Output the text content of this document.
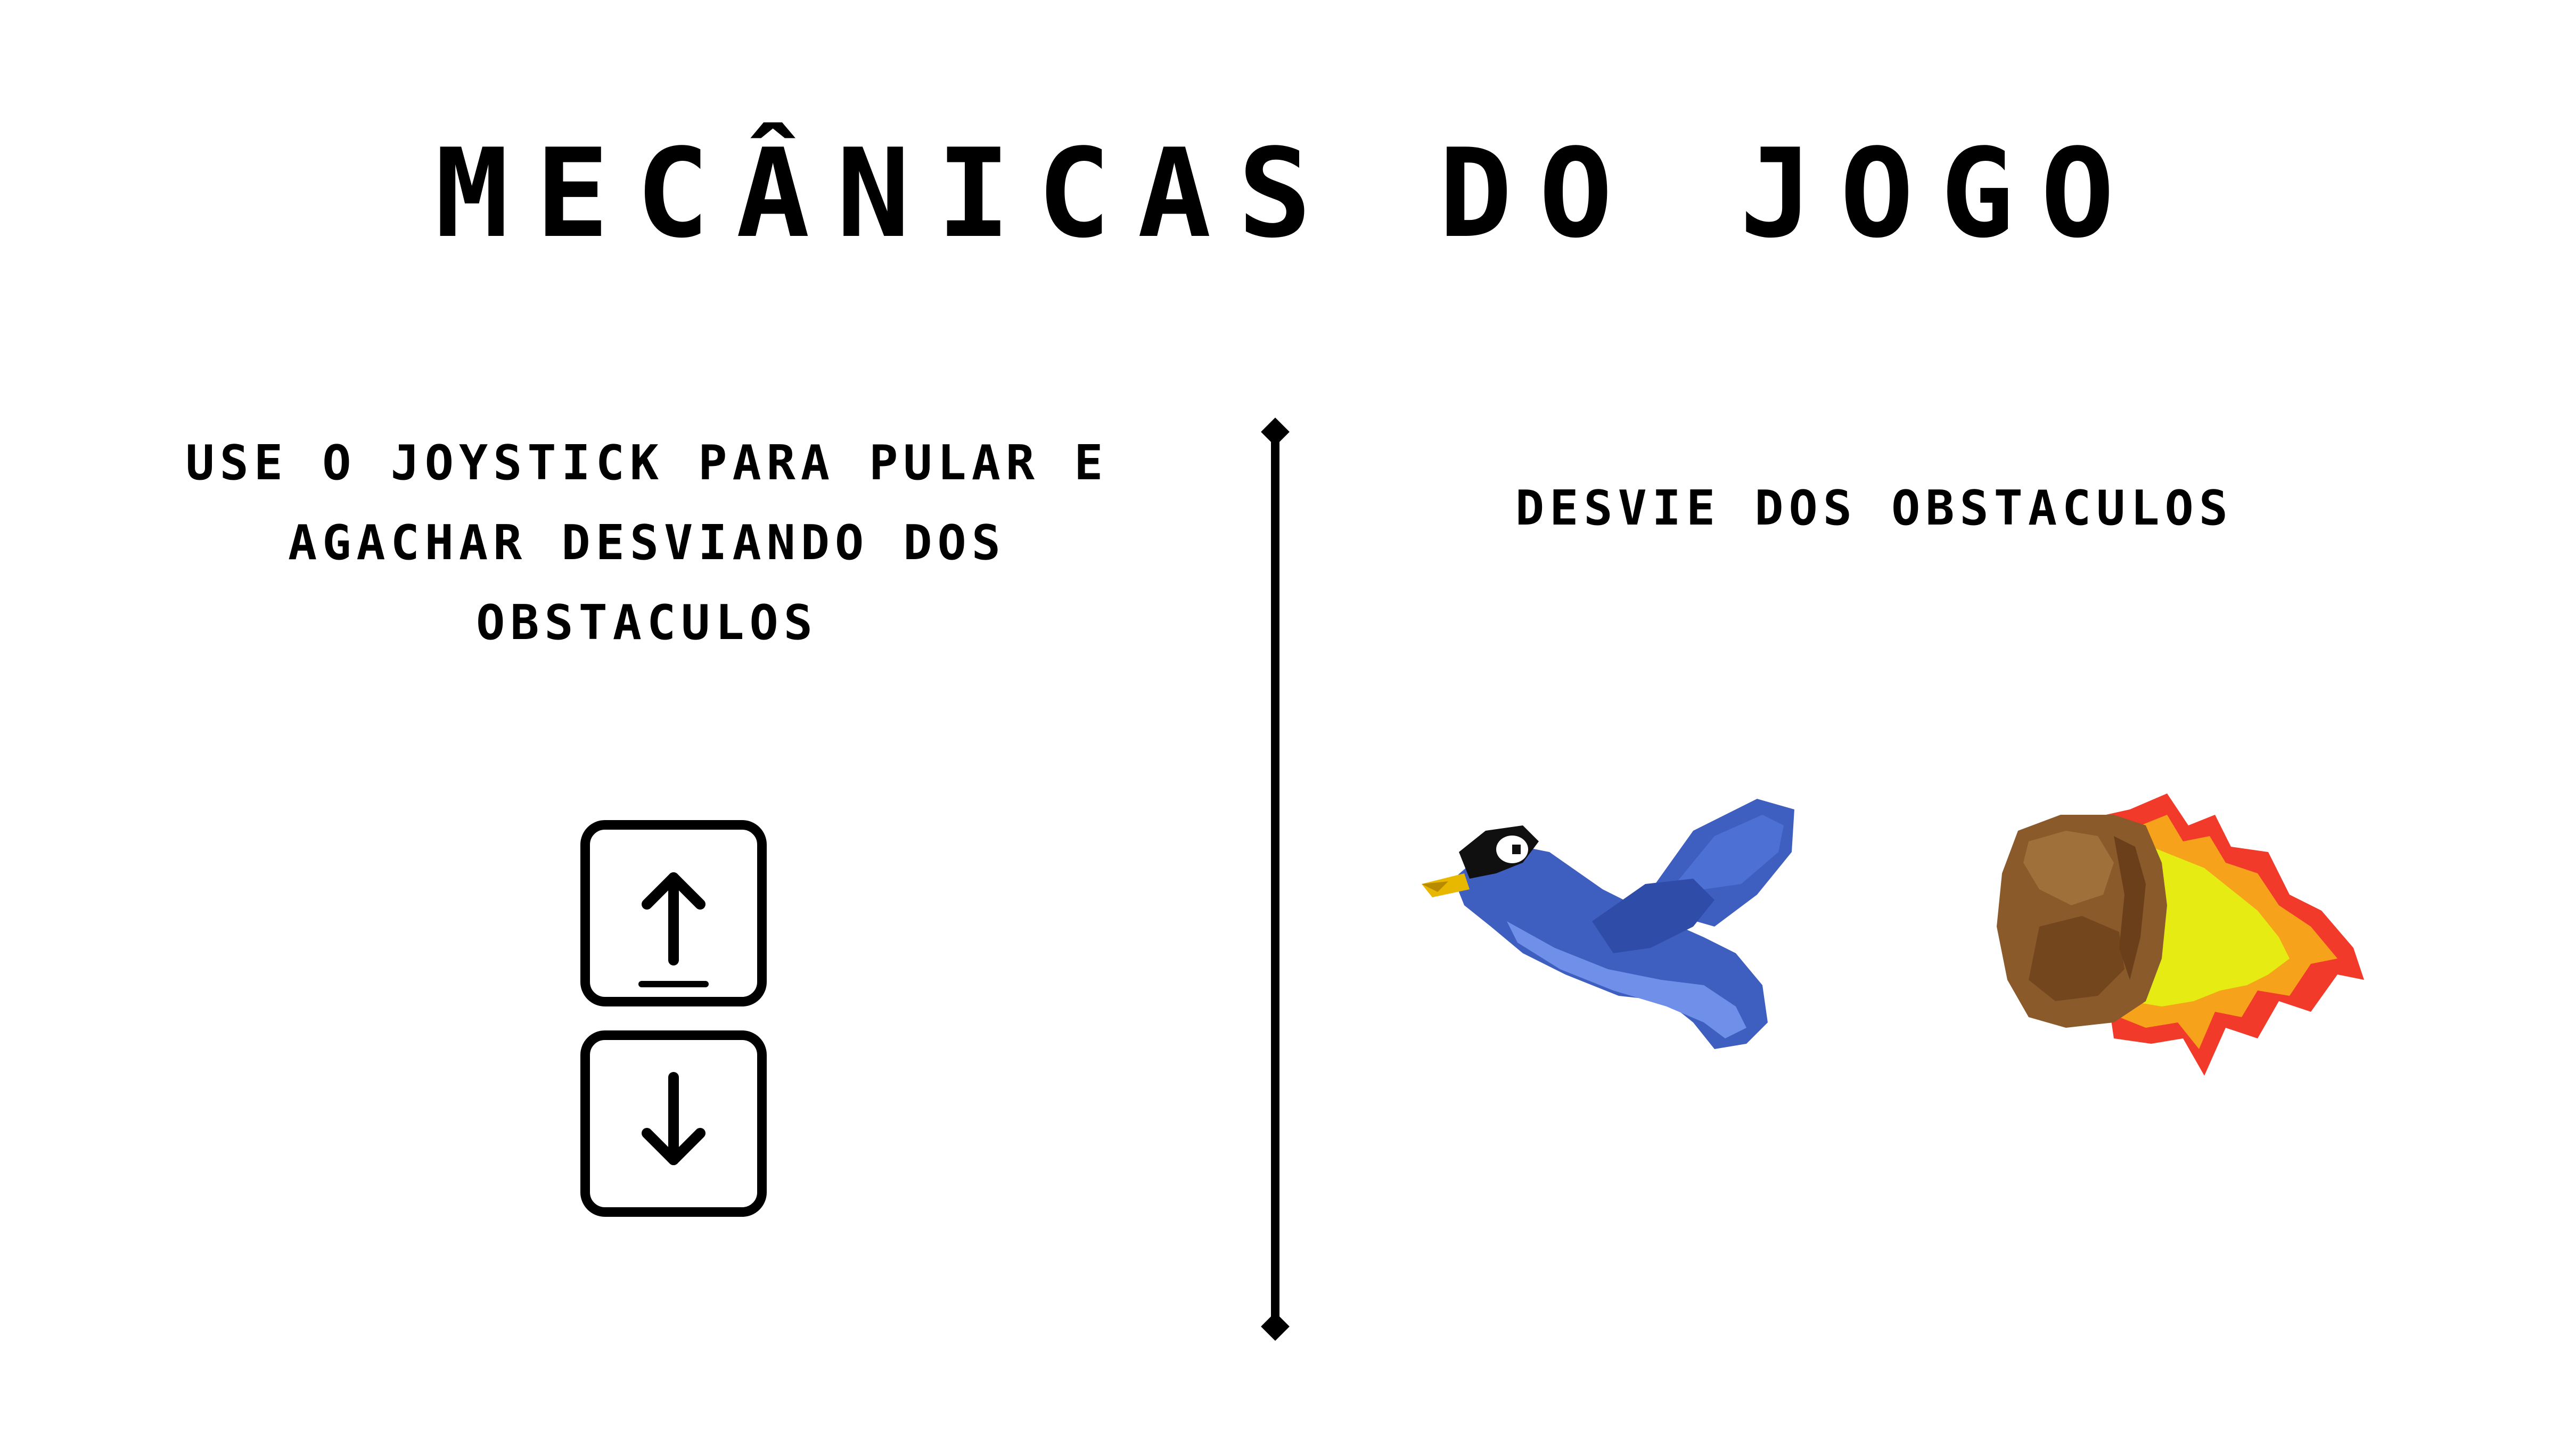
MECÂNICAS DO JOGO
USE O JOYSTICK PARA PULAR E AGACHAR DESVIANDO DOS OBSTACULOS
DESVIE DOS OBSTACULOS
